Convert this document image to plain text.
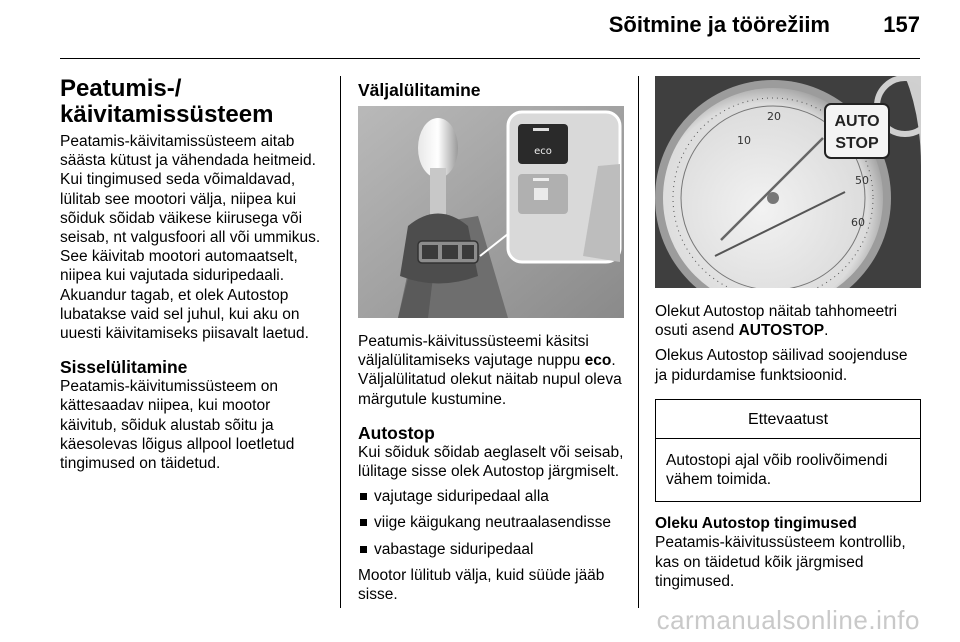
Sõitmine ja töörežiim 157
Peatumis-/ käivitamissüsteem

Peatamis-käivitamissüsteem aitab säästa kütust ja vähendada heitmeid. Kui tingimused seda võimaldavad, lülitab see mootori välja, niipea kui sõiduk sõidab väikese kiirusega või seisab, nt valgusfoori all või ummikus. See käivitab mootori automaatselt, niipea kui vajutada siduripedaali. Akuandur tagab, et olek Autostop lubatakse vaid sel juhul, kui aku on uuesti käivitamiseks piisavalt laetud.

Sisselülitamine

Peatamis-käivitumissüsteem on kättesaadav niipea, kui mootor käivitub, sõiduk alustab sõitu ja käesolevas lõigus allpool loetletud tingimused on täidetud.

Väljalülitamine
eco

Peatumis-käivitussüsteemi käsitsi väljalülitamiseks vajutage nuppu eco. Väljalülitatud olekut näitab nupul oleva märgutule kustumine.

Autostop

Kui sõiduk sõidab aeglaselt või seisab, lülitage sisse olek Autostop järgmiselt.

vajutage siduripedaal alla
viige käigukang neutraalasendisse
vabastage siduripedaal

Mootor lülitub välja, kuid süüde jääb sisse.

10
20
50
60
AUTO
STOP

Olekut Autostop näitab tahhomeetri osuti asend AUTOSTOP.

Olekus Autostop säilivad soojenduse ja pidurdamise funktsioonid.

Ettevaatust
Autostopi ajal võib roolivõimendi vähem toimida.
Oleku Autostop tingimused

Peatamis-käivitussüsteem kontrollib, kas on täidetud kõik järgmised tingimused.

carmanualsonline.info
